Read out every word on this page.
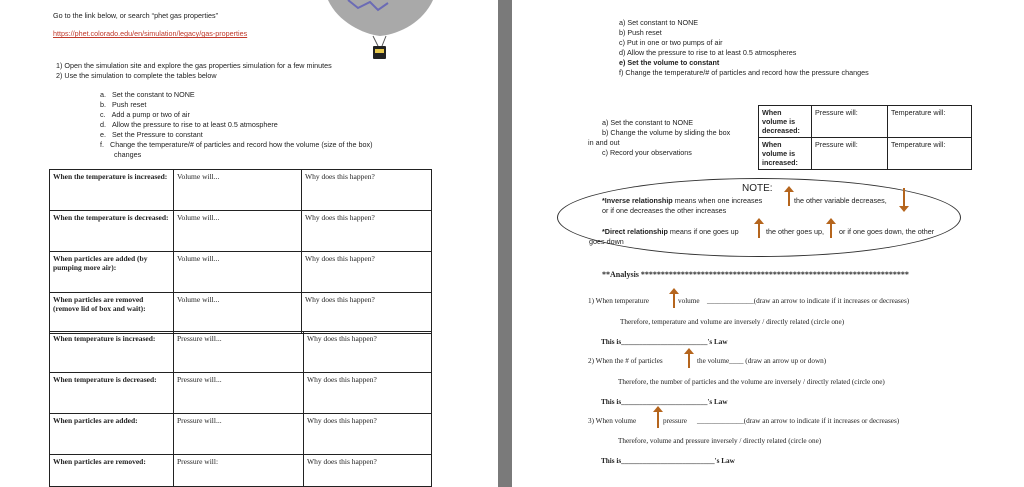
Go to the link below, or search “phet gas properties”
https://phet.colorado.edu/en/simulation/legacy/gas-properties
1) Open the simulation site and explore the gas properties simulation for a few minutes
2) Use the simulation to complete the tables below
a. Set the constant to NONE
b. Push reset
c. Add a pump or two of air
d. Allow the pressure to rise to at least 0.5 atmosphere
e. Set the Pressure to constant
f. Change the temperature/# of particles and record how the volume (size of the box)
changes
When the temperature is increased:	Volume will...	Why does this happen?
When the temperature is decreased:	Volume will...	Why does this happen?
When particles are added (by pumping more air):	Volume will...	Why does this happen?
When particles are removed (remove lid of box and wait):	Volume will...	Why does this happen?
When temperature is increased:	Pressure will...	Why does this happen?
When temperature is decreased:	Pressure will...	Why does this happen?
When particles are added:	Pressure will...	Why does this happen?
When particles are removed:	Pressure will:	Why does this happen?
a) Set constant to NONE
b) Push reset
c) Put in one or two pumps of air
d) Allow the pressure to rise to at least 0.5 atmospheres
e) Set the volume to constant
f) Change the temperature/# of particles and record how the pressure changes
a) Set the constant to NONE
b) Change the volume by sliding the box
in and out
c) Record your observations
When volume is decreased:	Pressure will:	Temperature will:
When volume is increased:	Pressure will:	Temperature will:
NOTE:
*Inverse relationship means when one increases	the other variable decreases,
or if one decreases the other increases
*Direct relationship means if one goes up	the other goes up, or if one goes down, the other
goes down
**Analysis *******************************************************************
1) When temperature	volume _____________(draw an arrow to indicate if it increases or decreases)
Therefore, temperature and volume are inversely / directly related (circle one)
This is________________________'s Law
2) When the # of particles	the volume____ (draw an arrow up or down)
Therefore, the number of particles and the volume are inversely / directly related (circle one)
This is________________________'s Law
3) When volume	pressure _____________(draw an arrow to indicate if it increases or decreases)
Therefore, volume and pressure inversely / directly related (circle one)
This is__________________________'s Law
